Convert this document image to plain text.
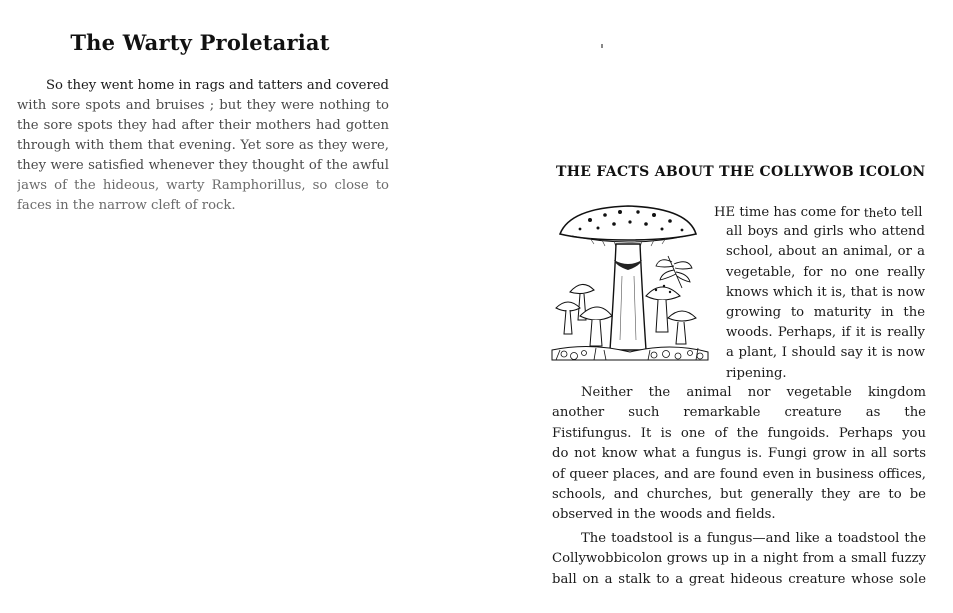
The Warty Proletariat
So they went home in rags and tatters and covered
with sore spots and bruises ; but they were nothing to
the sore spots they had after their mothers had gotten
through with them that evening. Yet sore as they were,
they were satisfied whenever they thought of the awful
jaws of the hideous, warty Ramphorillus, so close to
faces in the narrow cleft of rock.
THE FACTS ABOUT THE COLLYWOB ICOLON
HE time has come for theto tell
all boys and girls who attend
school, about an animal, or a
vegetable, for no one really
knows which it is, that is now
growing to maturity in the
woods. Perhaps, if it is really
a plant, I should say it is now
ripening.
Neither the animal nor vegetable kingdom
another such remarkable creature as the
Fistifungus. It is one of the fungoids. Perhaps you
do not know what a fungus is. Fungi grow in all sorts
of queer places, and are found even in business offices,
schools, and churches, but generally they are to be
observed in the woods and fields.
The toadstool is a fungus—and like a toadstool the
Collywobbicolon grows up in a night from a small fuzzy
ball on a stalk to a great hideous creature whose sole
